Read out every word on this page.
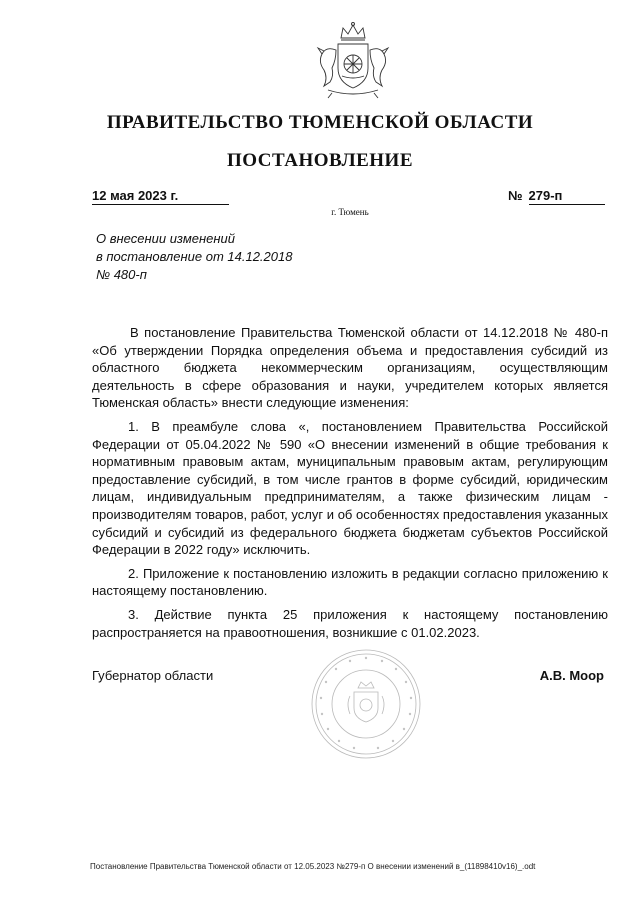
ПРАВИТЕЛЬСТВО ТЮМЕНСКОЙ ОБЛАСТИ
ПОСТАНОВЛЕНИЕ
12 мая 2023 г.	№ 279-п
г. Тюмень
О внесении изменений
в постановление от 14.12.2018
№ 480-п

В постановление Правительства Тюменской области от 14.12.2018 № 480-п «Об утверждении Порядка определения объема и предоставления субсидий из областного бюджета некоммерческим организациям, осуществляющим деятельность в сфере образования и науки, учредителем которых является Тюменская область» внести следующие изменения:

1. В преамбуле слова «, постановлением Правительства Российской Федерации от 05.04.2022 № 590 «О внесении изменений в общие требования к нормативным правовым актам, муниципальным правовым актам, регулирующим предоставление субсидий, в том числе грантов в форме субсидий, юридическим лицам, индивидуальным предпринимателям, а также физическим лицам - производителям товаров, работ, услуг и об особенностях предоставления указанных субсидий и субсидий из федерального бюджета бюджетам субъектов Российской Федерации в 2022 году» исключить.

2. Приложение к постановлению изложить в редакции согласно приложению к настоящему постановлению.

3. Действие пункта 25 приложения к настоящему постановлению распространяется на правоотношения, возникшие с 01.02.2023.

Губернатор области	А.В. Моор
Постановление Правительства Тюменской области от 12.05.2023 №279-п О внесении изменений в_(11898410v16)_.odt
